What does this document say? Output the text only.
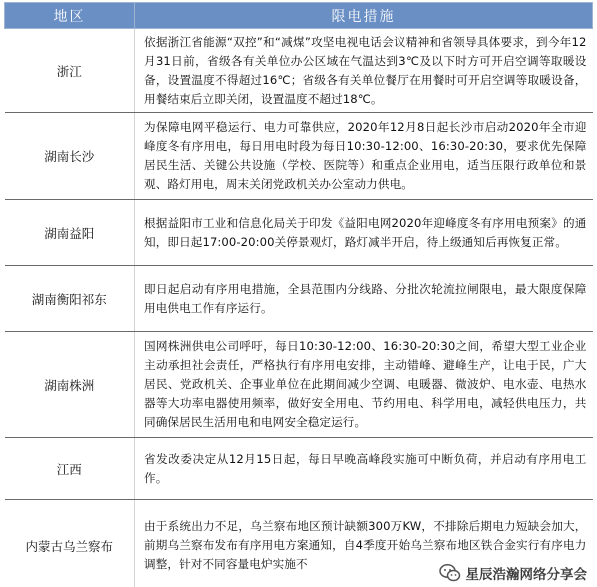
地区	限电措施
浙江	依据浙江省能源“双控”和“减煤”攻坚电视电话会议精神和省领导具体要求，到今年12月31日前，省级各有关单位办公区域在气温达到3℃及以下时方可开启空调等取暖设备，设置温度不得超过16℃；省级各有关单位餐厅在用餐时可开启空调等取暖设备，用餐结束后立即关闭，设置温度不超过18℃。
湖南长沙	为保障电网平稳运行、电力可靠供应，2020年12月8日起长沙市启动2020年全市迎峰度冬有序用电，每日用电时段为每日10:30-12:00、16:30-20:30，要求优先保障居民生活、关键公共设施（学校、医院等）和重点企业用电，适当压限行政单位和景观、路灯用电，周末关闭党政机关办公室动力供电。
湖南益阳	根据益阳市工业和信息化局关于印发《益阳电网2020年迎峰度冬有序用电预案》的通知，即日起17:00-20:00关停景观灯，路灯减半开启，待上级通知后再恢复正常。
湖南衡阳祁东	即日起启动有序用电措施，全县范围内分线路、分批次轮流拉闸限电，最大限度保障用电供电工作有序运行。
湖南株洲	国网株洲供电公司呼吁，每日10:30-12:00、16:30-20:30之间，希望大型工业企业主动承担社会责任，严格执行有序用电安排，主动错峰、避峰生产，让电于民，广大居民、党政机关、企事业单位在此期间减少空调、电暖器、微波炉、电水壶、电热水器等大功率电器使用频率，做好安全用电、节约用电、科学用电，减轻供电压力，共同确保居民生活用电和电网安全稳定运行。
江西	省发改委决定从12月15日起，每日早晚高峰段实施可中断负荷，并启动有序用电工作。
内蒙古乌兰察布	由于系统出力不足，乌兰察布地区预计缺额300万KW，不排除后期电力短缺会加大，前期乌兰察布发布有序用电方案通知，自4季度开始乌兰察布地区铁合金实行有序电力调整，针对不同容量电炉实施不
星辰浩瀚网络分享会
